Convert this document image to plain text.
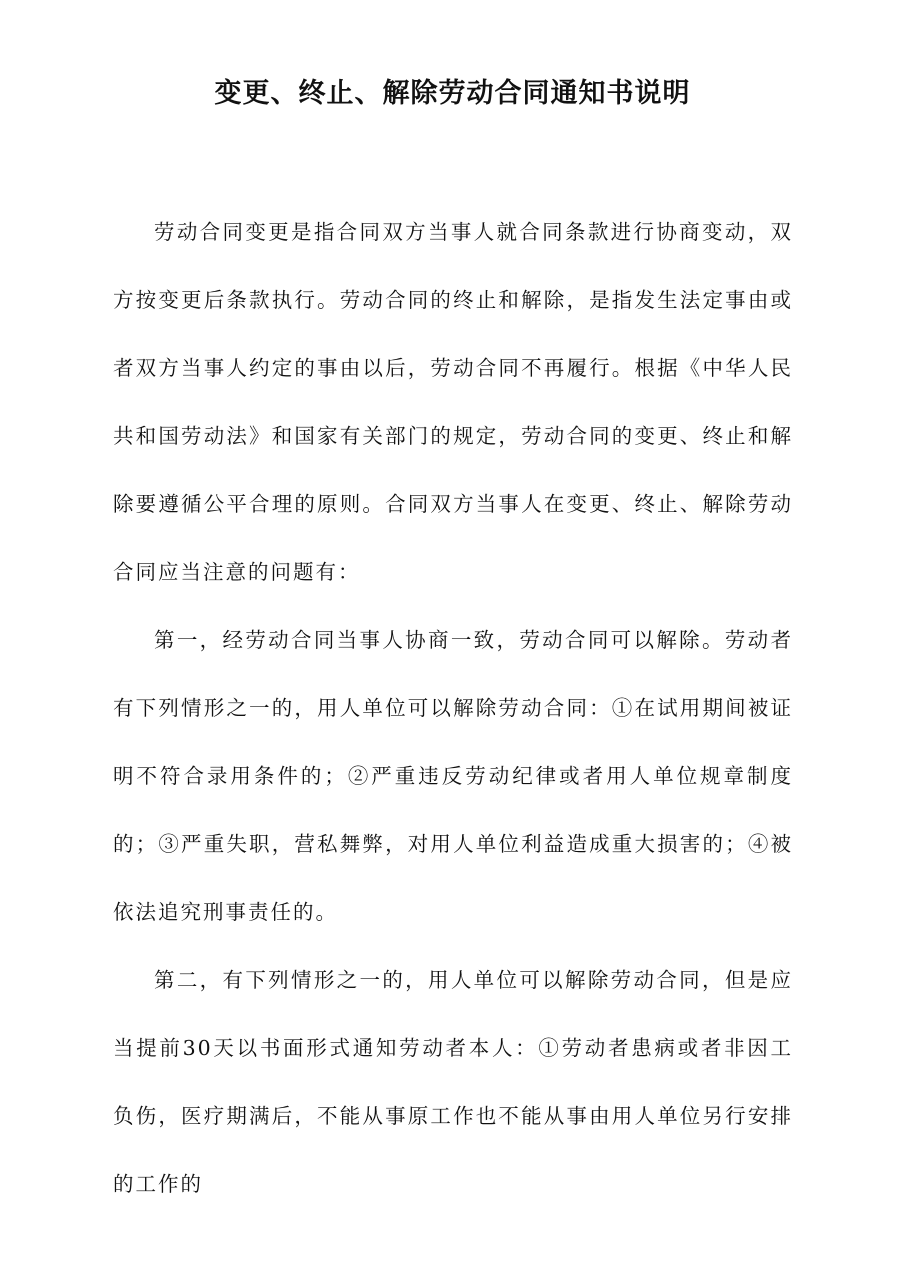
变更、终止、解除劳动合同通知书说明

劳动合同变更是指合同双方当事人就合同条款进行协商变动，双方按变更后条款执行。劳动合同的终止和解除，是指发生法定事由或者双方当事人约定的事由以后，劳动合同不再履行。根据《中华人民共和国劳动法》和国家有关部门的规定，劳动合同的变更、终止和解除要遵循公平合理的原则。合同双方当事人在变更、终止、解除劳动合同应当注意的问题有：

第一，经劳动合同当事人协商一致，劳动合同可以解除。劳动者有下列情形之一的，用人单位可以解除劳动合同：①在试用期间被证明不符合录用条件的；②严重违反劳动纪律或者用人单位规章制度的；③严重失职，营私舞弊，对用人单位利益造成重大损害的；④被依法追究刑事责任的。

第二，有下列情形之一的，用人单位可以解除劳动合同，但是应当提前30天以书面形式通知劳动者本人：①劳动者患病或者非因工负伤，医疗期满后，不能从事原工作也不能从事由用人单位另行安排的工作的
